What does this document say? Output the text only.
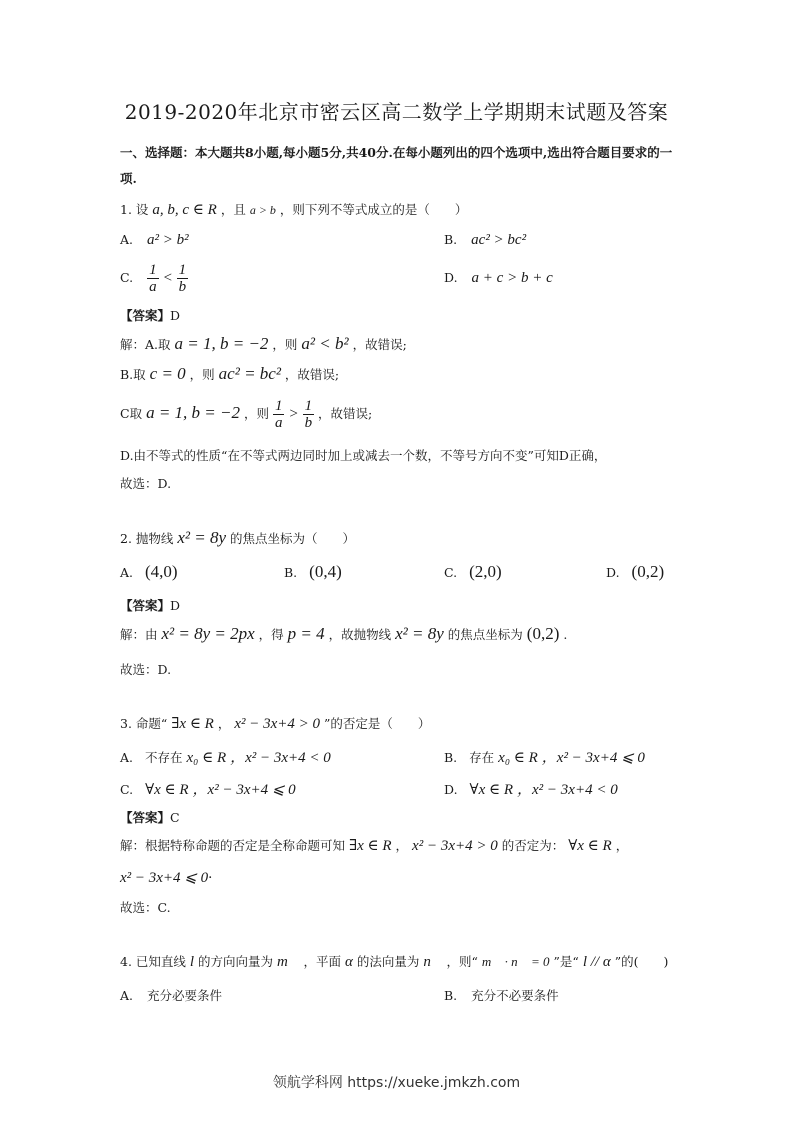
2019-2020年北京市密云区高二数学上学期期末试题及答案
一、选择题：本大题共8小题,每小题5分,共40分.在每小题列出的四个选项中,选出符合题目要求的一项.
1. 设 a, b, c ∈ R ，且 a > b ，则下列不等式成立的是（　　）
A. a² > b²	B. ac² > bc²
C. $\frac{1}{a} < \frac{1}{b}$	D. a + c > b + c
【答案】D
解：A.取 a = 1, b = −2 ，则 a² < b² ，故错误;
B.取 c = 0 ，则 ac² = bc² ，故错误;
C取 a = 1, b = −2 ，则 $\frac{1}{a} > \frac{1}{b}$ ，故错误;
D.由不等式的性质“在不等式两边同时加上或减去一个数，不等号方向不变”可知D正确，
故选：D.
2. 抛物线 x² = 8y 的焦点坐标为（　　）
A. (4,0)	B. (0,4)	C. (2,0)	D. (0,2)
【答案】D
解：由 x² = 8y = 2px ，得 p = 4 ，故抛物线 x² = 8y 的焦点坐标为 (0,2) .
故选：D.
3. 命题“ ∃x ∈ R ， x² − 3x+4 > 0 ”的否定是（　　）
A. 不存在 x₀ ∈ R ，x² − 3x+4 < 0	B. 存在 x₀ ∈ R ，x² − 3x+4 ⩽ 0
C. ∀x ∈ R ，x² − 3x+4 ⩽ 0	D. ∀x ∈ R ，x² − 3x+4 < 0
【答案】C
解：根据特称命题的否定是全称命题可知 ∃x ∈ R ， x² − 3x+4 > 0 的否定为： ∀x ∈ R ，
x² − 3x+4 ⩽ 0·
故选：C.
4. 已知直线 l 的方向向量为 m⃗ ，平面 α 的法向量为 n⃗ ，则“ m⃗ · n⃗ = 0 ”是“ l // α ”的(　　)
A. 充分必要条件	B. 充分不必要条件
领航学科网 https://xueke.jmkzh.com
